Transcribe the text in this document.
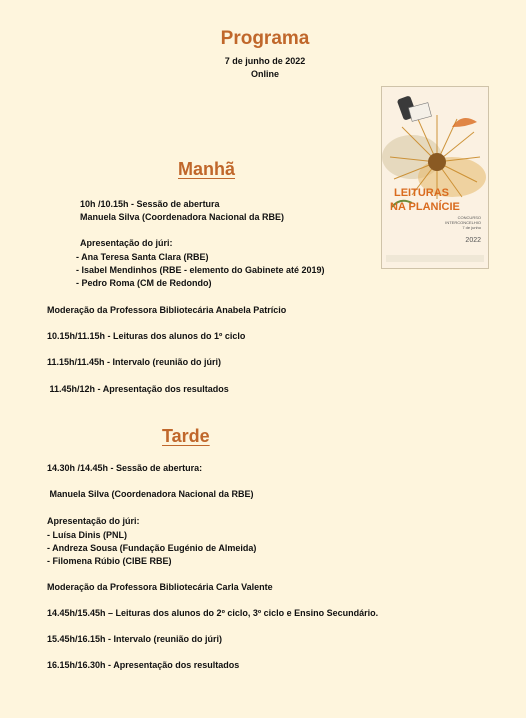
Programa
7 de junho de 2022
Online
LEITURAS
NA PLANÍCIE
CONCURSO
INTERCONCELHIO
7 de junho
2022
Manhã
10h /10.15h - Sessão de abertura
Manuela Silva (Coordenadora Nacional da RBE)
Apresentação do júri:
- Ana Teresa Santa Clara (RBE)
- Isabel Mendinhos (RBE - elemento do Gabinete até 2019)
- Pedro Roma (CM de Redondo)
Moderação da Professora Bibliotecária Anabela Patrício
10.15h/11.15h - Leituras dos alunos do 1º ciclo
11.15h/11.45h - Intervalo (reunião do júri)
11.45h/12h - Apresentação dos resultados
Tarde
14.30h /14.45h - Sessão de abertura:
Manuela Silva (Coordenadora Nacional da RBE)
Apresentação do júri:
- Luísa Dinis (PNL)
- Andreza Sousa (Fundação Eugénio de Almeida)
- Filomena Rúbio (CIBE RBE)
Moderação da Professora Bibliotecária Carla Valente
14.45h/15.45h – Leituras dos alunos do 2º ciclo, 3º ciclo e Ensino Secundário.
15.45h/16.15h - Intervalo (reunião do júri)
16.15h/16.30h - Apresentação dos resultados
